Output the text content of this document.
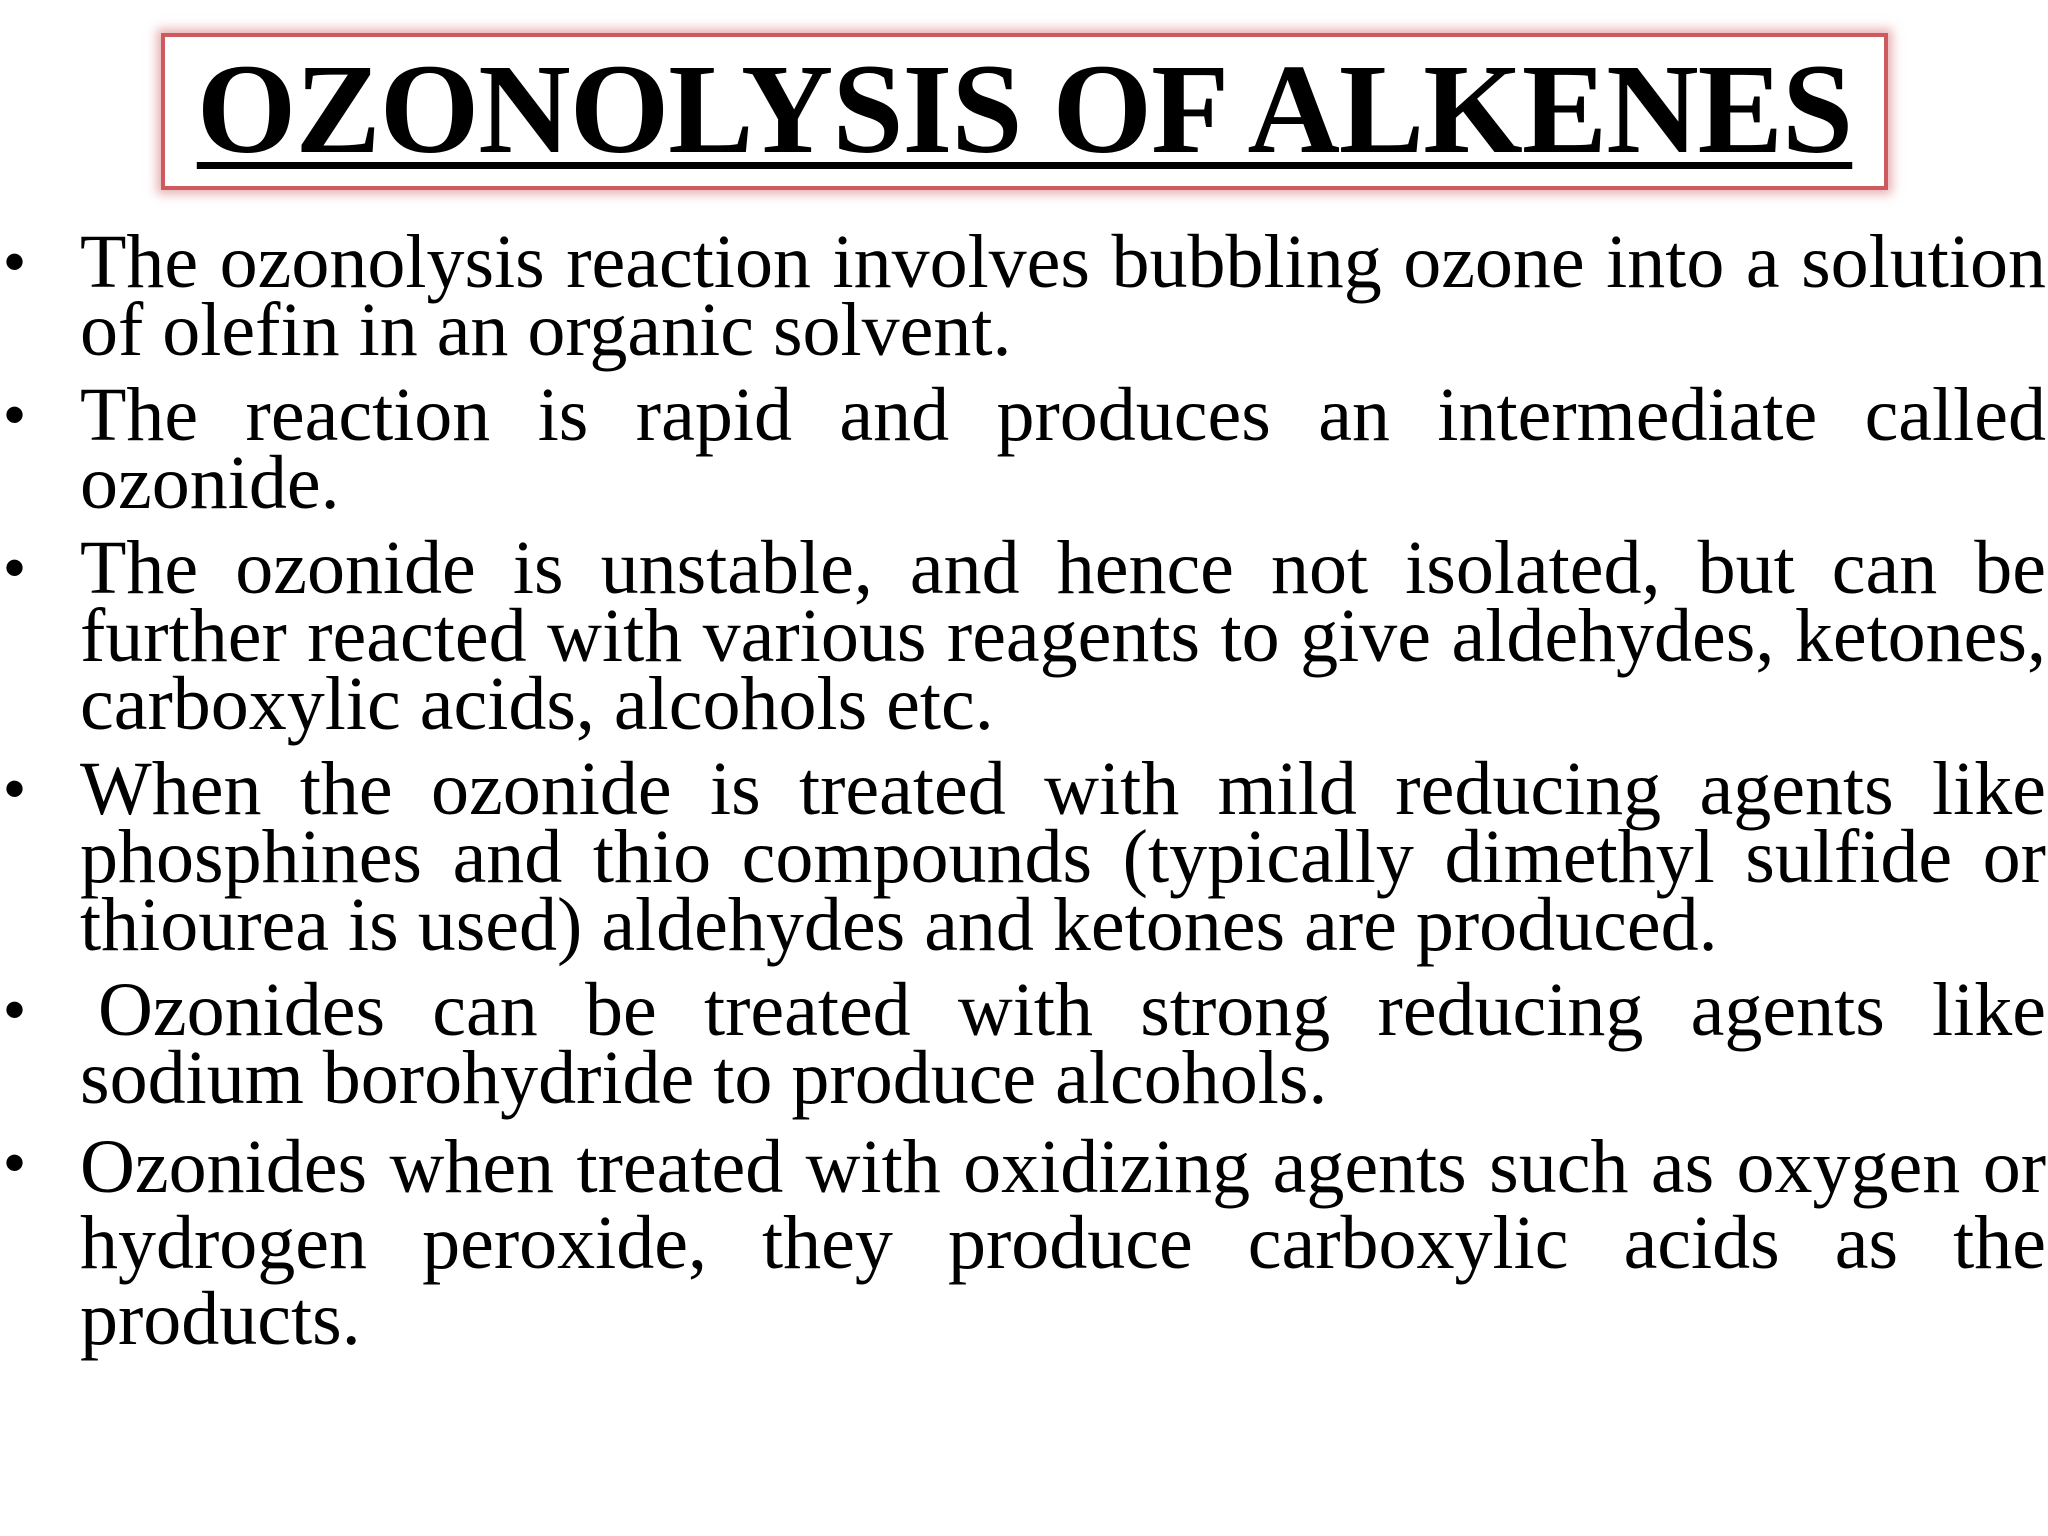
OZONOLYSIS OF ALKENES
• The ozonolysis reaction involves bubbling ozone into a solution of olefin in an organic solvent.
• The reaction is rapid and produces an intermediate called ozonide.
• The ozonide is unstable, and hence not isolated, but can be further reacted with various reagents to give aldehydes, ketones, carboxylic acids, alcohols etc.
• When the ozonide is treated with mild reducing agents like phosphines and thio compounds (typically dimethyl sulfide or thiourea is used) aldehydes and ketones are produced.
• Ozonides can be treated with strong reducing agents like sodium borohydride to produce alcohols.
• Ozonides when treated with oxidizing agents such as oxygen or hydrogen peroxide, they produce carboxylic acids as the products.
